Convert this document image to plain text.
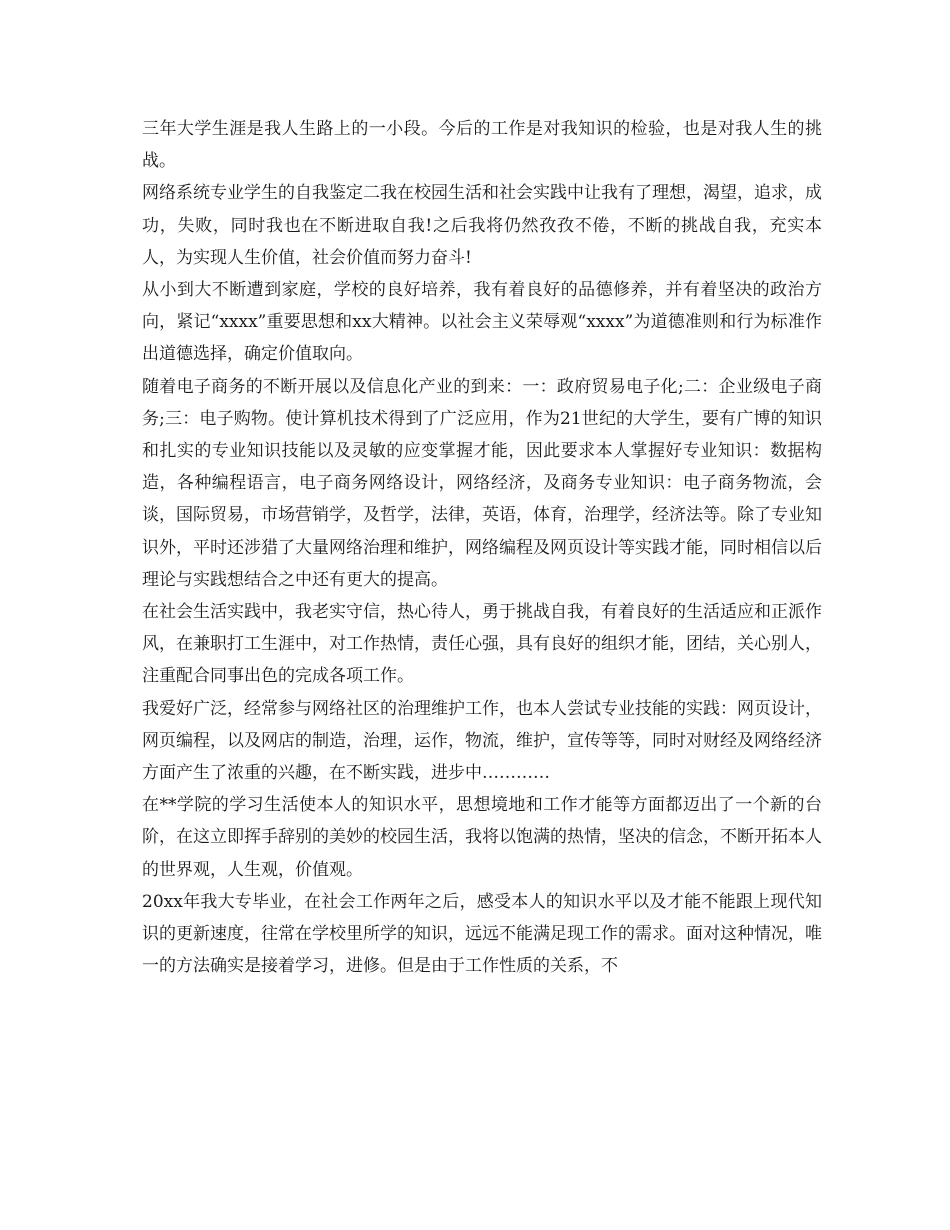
三年大学生涯是我人生路上的一小段。今后的工作是对我知识的检验，也是对我人生的挑战。

网络系统专业学生的自我鉴定二我在校园生活和社会实践中让我有了理想，渴望，追求，成功，失败，同时我也在不断进取自我!之后我将仍然孜孜不倦，不断的挑战自我，充实本人，为实现人生价值，社会价值而努力奋斗!

从小到大不断遭到家庭，学校的良好培养，我有着良好的品德修养，并有着坚决的政治方向，紧记“xxxx”重要思想和xx大精神。以社会主义荣辱观“xxxx”为道德准则和行为标准作出道德选择，确定价值取向。

随着电子商务的不断开展以及信息化产业的到来：一：政府贸易电子化;二：企业级电子商务;三：电子购物。使计算机技术得到了广泛应用，作为21世纪的大学生，要有广博的知识和扎实的专业知识技能以及灵敏的应变掌握才能，因此要求本人掌握好专业知识：数据构造，各种编程语言，电子商务网络设计，网络经济，及商务专业知识：电子商务物流，会谈，国际贸易，市场营销学，及哲学，法律，英语，体育，治理学，经济法等。除了专业知识外，平时还涉猎了大量网络治理和维护，网络编程及网页设计等实践才能，同时相信以后理论与实践想结合之中还有更大的提高。

在社会生活实践中，我老实守信，热心待人，勇于挑战自我，有着良好的生活适应和正派作风，在兼职打工生涯中，对工作热情，责任心强，具有良好的组织才能，团结，关心别人，注重配合同事出色的完成各项工作。

我爱好广泛，经常参与网络社区的治理维护工作，也本人尝试专业技能的实践：网页设计，网页编程，以及网店的制造，治理，运作，物流，维护，宣传等等，同时对财经及网络经济方面产生了浓重的兴趣，在不断实践，进步中…………

在**学院的学习生活使本人的知识水平，思想境地和工作才能等方面都迈出了一个新的台阶，在这立即挥手辞别的美妙的校园生活，我将以饱满的热情，坚决的信念，不断开拓本人的世界观，人生观，价值观。

20xx年我大专毕业，在社会工作两年之后，感受本人的知识水平以及才能不能跟上现代知识的更新速度，往常在学校里所学的知识，远远不能满足现工作的需求。面对这种情况，唯一的方法确实是接着学习，进修。但是由于工作性质的关系，不
